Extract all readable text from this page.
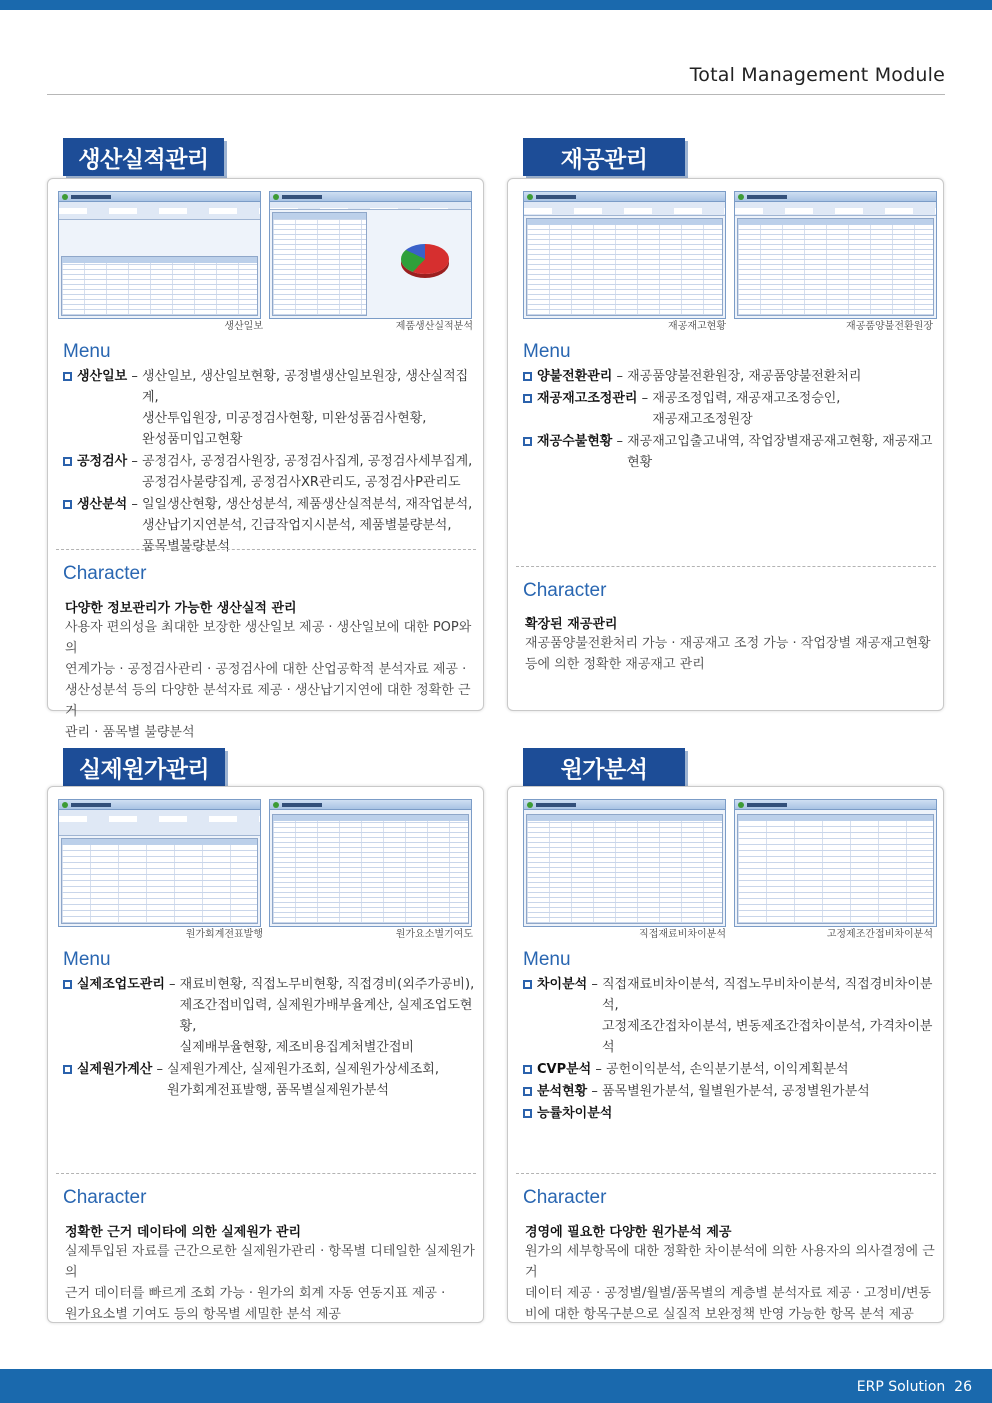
Total Management Module
생산실적관리
생산일보	제품생산실적분석
Menu
생산일보 – 생산일보, 생산일보현황, 공정별생산일보원장, 생산실적집계,
생산투입원장, 미공정검사현황, 미완성품검사현황,
완성품미입고현황
공정검사 – 공정검사, 공정검사원장, 공정검사집계, 공정검사세부집계,
공정검사불량집계, 공정검사XR관리도, 공정검사P관리도
생산분석 – 일일생산현황, 생산성분석, 제품생산실적분석, 재작업분석,
생산납기지연분석, 긴급작업지시분석, 제품별불량분석,
품목별불량분석
Character
다양한 정보관리가 가능한 생산실적 관리
사용자 편의성을 최대한 보장한 생산일보 제공 · 생산일보에 대한 POP와의
연계가능 · 공정검사관리 · 공정검사에 대한 산업공학적 분석자료 제공 ·
생산성분석 등의 다양한 분석자료 제공 · 생산납기지연에 대한 정확한 근거
관리 · 품목별 불량분석
재공관리
재공재고현황	재공품양불전환원장
Menu
양불전환관리 – 재공품양불전환원장, 재공품양불전환처리
재공재고조정관리 – 재공조정입력, 재공재고조정승인,
재공재고조정원장
재공수불현황 – 재공재고입출고내역, 작업장별재공재고현황, 재공재고현황
Character
확장된 재공관리
재공품양불전환처리 가능 · 재공재고 조정 가능 · 작업장별 재공재고현황
등에 의한 정확한 재공재고 관리
실제원가관리
원가회계전표발행	원가요소별기여도
Menu
실제조업도관리 – 재료비현황, 직접노무비현황, 직접경비(외주가공비),
제조간접비입력, 실제원가배부율계산, 실제조업도현황,
실제배부율현황, 제조비용집계처별간접비
실제원가계산 – 실제원가계산, 실제원가조회, 실제원가상세조회,
원가회계전표발행, 품목별실제원가분석
Character
정확한 근거 데이타에 의한 실제원가 관리
실제투입된 자료를 근간으로한 실제원가관리 · 항목별 디테일한 실제원가의
근거 데이터를 빠르게 조회 가능 · 원가의 회계 자동 연동지표 제공 ·
원가요소별 기여도 등의 항목별 세밀한 분석 제공
원가분석
직접재료비차이분석	고정제조간접비차이분석
Menu
차이분석 – 직접재료비차이분석, 직접노무비차이분석, 직접경비차이분석,
고정제조간접차이분석, 변동제조간접차이분석, 가격차이분석
CVP분석 – 공헌이익분석, 손익분기분석, 이익계획분석
분석현황 – 품목별원가분석, 월별원가분석, 공정별원가분석
능률차이분석
Character
경영에 필요한 다양한 원가분석 제공
원가의 세부항목에 대한 정확한 차이분석에 의한 사용자의 의사결정에 근거
데이터 제공 · 공정별/월별/품목별의 계층별 분석자료 제공 · 고정비/변동
비에 대한 항목구분으로 실질적 보완정책 반영 가능한 항목 분석 제공
ERP Solution 26
